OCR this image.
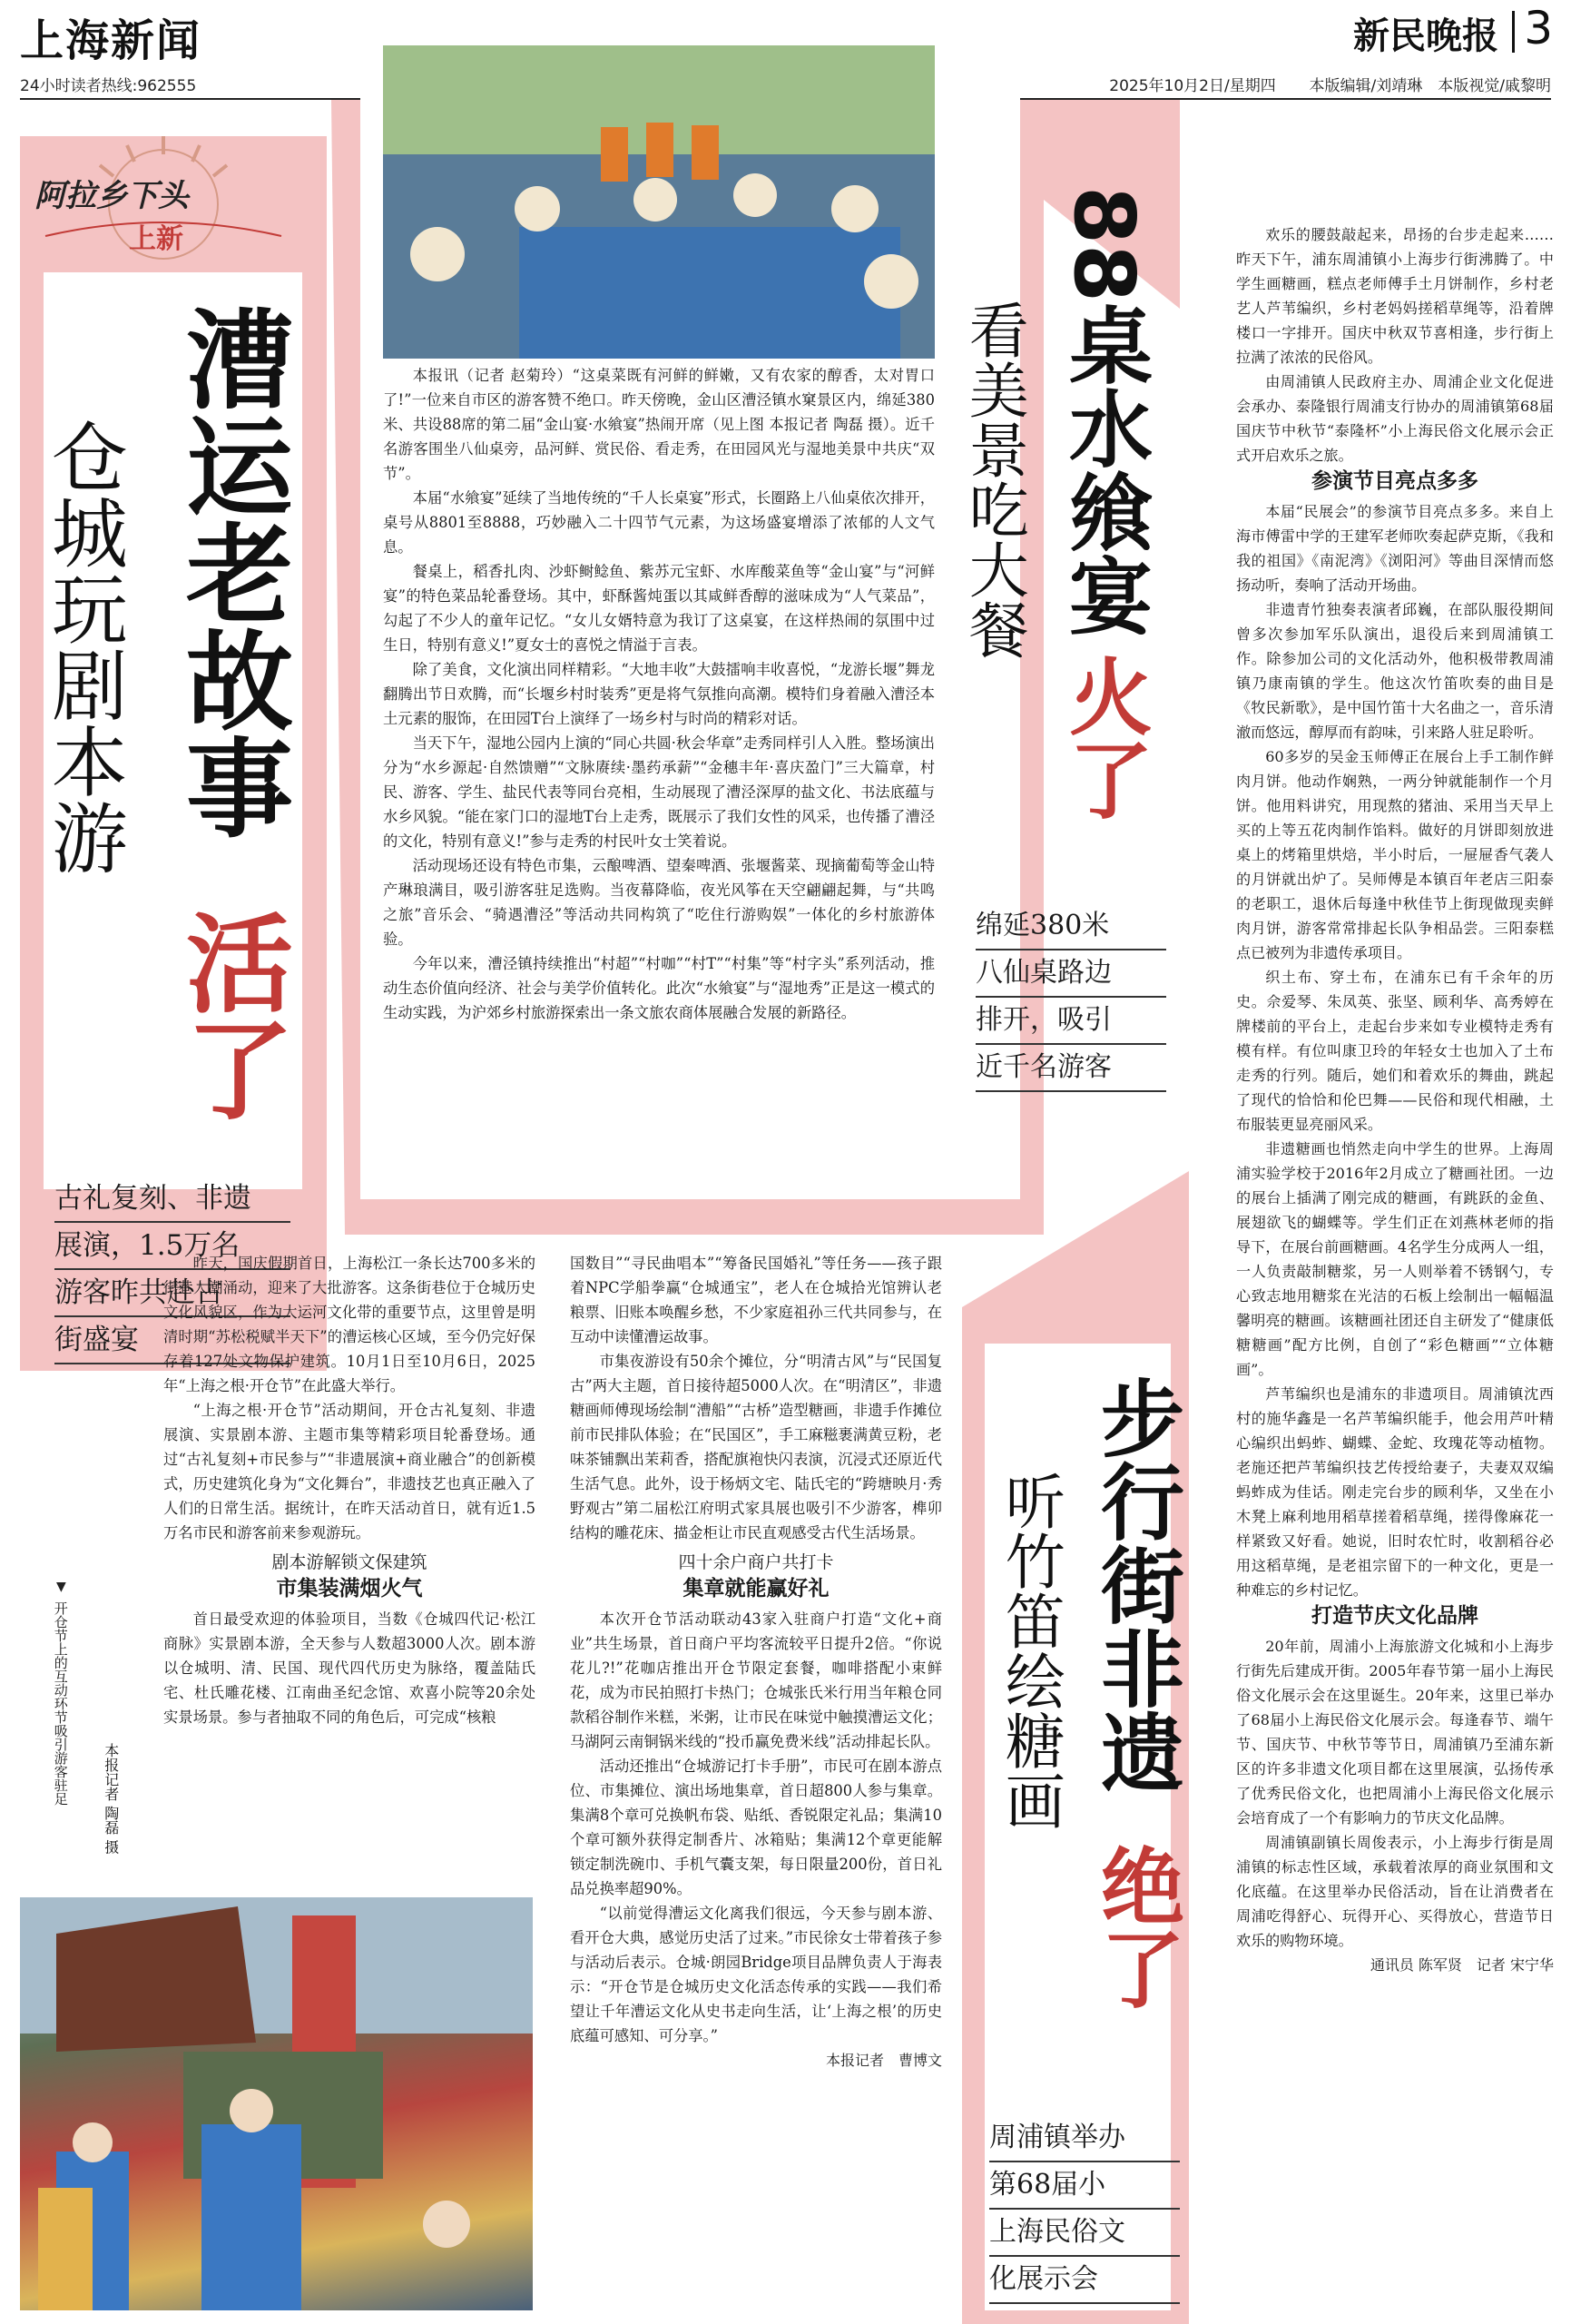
上海新闻
24小时读者热线:962555
新民晚报 3
2025年10月2日/星期四 本版编辑/刘靖琳　本版视觉/戚黎明
阿拉乡下头
上新
仓城玩剧本游 漕运老故事
活了
古礼复刻、非遗
展演，1.5万名
游客昨共赴古
街盛宴

本报讯（记者 赵菊玲）“这桌菜既有河鲜的鲜嫩，又有农家的醇香，太对胃口了!”一位来自市区的游客赞不绝口。昨天傍晚，金山区漕泾镇水窠景区内，绵延380米、共设88席的第二届“金山宴·水飨宴”热闹开席（见上图 本报记者 陶磊 摄）。近千名游客围坐八仙桌旁，品河鲜、赏民俗、看走秀，在田园风光与湿地美景中共庆“双节”。

本届“水飨宴”延续了当地传统的“千人长桌宴”形式，长圈路上八仙桌依次排开，桌号从8801至8888，巧妙融入二十四节气元素，为这场盛宴增添了浓郁的人文气息。

餐桌上，稻香扎肉、沙虾鲥鲶鱼、紫苏元宝虾、水库酸菜鱼等“金山宴”与“河鲜宴”的特色菜品轮番登场。其中，虾酥酱炖蛋以其咸鲜香醇的滋味成为“人气菜品”，勾起了不少人的童年记忆。“女儿女婿特意为我订了这桌宴，在这样热闹的氛围中过生日，特别有意义!”夏女士的喜悦之情溢于言表。

除了美食，文化演出同样精彩。“大地丰收”大鼓擂响丰收喜悦，“龙游长堰”舞龙翻腾出节日欢腾，而“长堰乡村时装秀”更是将气氛推向高潮。模特们身着融入漕泾本土元素的服饰，在田园T台上演绎了一场乡村与时尚的精彩对话。

当天下午，湿地公园内上演的“同心共圆·秋会华章”走秀同样引人入胜。整场演出分为“水乡源起·自然馈赠”“文脉赓续·墨药承薪”“金穗丰年·喜庆盈门”三大篇章，村民、游客、学生、盐民代表等同台亮相，生动展现了漕泾深厚的盐文化、书法底蕴与水乡风貌。“能在家门口的湿地T台上走秀，既展示了我们女性的风采，也传播了漕泾的文化，特别有意义!”参与走秀的村民叶女士笑着说。

活动现场还设有特色市集，云酿啤酒、望秦啤酒、张堰酱菜、现摘葡萄等金山特产琳琅满目，吸引游客驻足选购。当夜幕降临，夜光风筝在天空翩翩起舞，与“共鸣之旅”音乐会、“骑遇漕泾”等活动共同构筑了“吃住行游购娱”一体化的乡村旅游体验。

今年以来，漕泾镇持续推出“村超”“村咖”“村T”“村集”等“村字头”系列活动，推动生态价值向经济、社会与美学价值转化。此次“水飨宴”与“湿地秀”正是这一模式的生动实践，为沪郊乡村旅游探索出一条文旅农商体展融合发展的新路径。

看美景吃大餐 88桌水飨宴
火了
绵延380米
八仙桌路边
排开，吸引
近千名游客

欢乐的腰鼓敲起来，昂扬的台步走起来……昨天下午，浦东周浦镇小上海步行街沸腾了。中学生画糖画，糕点老师傅手土月饼制作，乡村老艺人芦苇编织，乡村老妈妈搓稻草绳等，沿着牌楼口一字排开。国庆中秋双节喜相逢，步行街上拉满了浓浓的民俗风。

由周浦镇人民政府主办、周浦企业文化促进会承办、泰隆银行周浦支行协办的周浦镇第68届国庆节中秋节“泰隆杯”小上海民俗文化展示会正式开启欢乐之旅。

参演节目亮点多多

本届“民展会”的参演节目亮点多多。来自上海市傅雷中学的王建军老师吹奏起萨克斯，《我和我的祖国》《南泥湾》《浏阳河》等曲目深情而悠扬动听，奏响了活动开场曲。

非遗青竹独奏表演者邱巍，在部队服役期间曾多次参加军乐队演出，退役后来到周浦镇工作。除参加公司的文化活动外，他积极带教周浦镇乃康南镇的学生。他这次竹笛吹奏的曲目是《牧民新歌》，是中国竹笛十大名曲之一，音乐清澈而悠远，醇厚而有韵味，引来路人驻足聆听。

60多岁的吴金玉师傅正在展台上手工制作鲜肉月饼。他动作娴熟，一两分钟就能制作一个月饼。他用料讲究，用现熬的猪油、采用当天早上买的上等五花肉制作馅料。做好的月饼即刻放进桌上的烤箱里烘焙，半小时后，一屉屉香气袭人的月饼就出炉了。吴师傅是本镇百年老店三阳泰的老职工，退休后每逢中秋佳节上街现做现卖鲜肉月饼，游客常常排起长队争相品尝。三阳泰糕点已被列为非遗传承项目。

织土布、穿土布，在浦东已有千余年的历史。佘爱琴、朱凤英、张坚、顾利华、高秀婷在牌楼前的平台上，走起台步来如专业模特走秀有模有样。有位叫康卫玲的年轻女士也加入了土布走秀的行列。随后，她们和着欢乐的舞曲，跳起了现代的恰恰和伦巴舞——民俗和现代相融，土布服装更显亮丽风采。

非遗糖画也悄然走向中学生的世界。上海周浦实验学校于2016年2月成立了糖画社团。一边的展台上插满了刚完成的糖画，有跳跃的金鱼、展翅欲飞的蝴蝶等。学生们正在刘燕林老师的指导下，在展台前画糖画。4名学生分成两人一组，一人负责敲制糖浆，另一人则举着不锈钢勺，专心致志地用糖浆在光洁的石板上绘制出一幅幅温馨明亮的糖画。该糖画社团还自主研发了“健康低糖糖画”配方比例，自创了“彩色糖画”“立体糖画”。

芦苇编织也是浦东的非遗项目。周浦镇沈西村的施华鑫是一名芦苇编织能手，他会用芦叶精心编织出蚂蚱、蝴蝶、金蛇、玫瑰花等动植物。老施还把芦苇编织技艺传授给妻子，夫妻双双编蚂蚱成为佳话。刚走完台步的顾利华，又坐在小木凳上麻利地用稻草搓着稻草绳，搓得像麻花一样紧致又好看。她说，旧时农忙时，收割稻谷必用这稻草绳，是老祖宗留下的一种文化，更是一种难忘的乡村记忆。

打造节庆文化品牌

20年前，周浦小上海旅游文化城和小上海步行街先后建成开街。2005年春节第一届小上海民俗文化展示会在这里诞生。20年来，这里已举办了68届小上海民俗文化展示会。每逢春节、端午节、国庆节、中秋节等节日，周浦镇乃至浦东新区的许多非遗文化项目都在这里展演，弘扬传承了优秀民俗文化，也把周浦小上海民俗文化展示会培育成了一个有影响力的节庆文化品牌。

周浦镇副镇长周俊表示，小上海步行街是周浦镇的标志性区域，承载着浓厚的商业氛围和文化底蕴。在这里举办民俗活动，旨在让消费者在周浦吃得舒心、玩得开心、买得放心，营造节日欢乐的购物环境。

通讯员 陈军贤　记者 宋宁华
听竹笛绘糖画 步行街非遗
绝了
周浦镇举办
第68届小
上海民俗文
化展示会

昨天，国庆假期首日，上海松江一条长达700多米的街巷人潮涌动，迎来了大批游客。这条街巷位于仓城历史文化风貌区，作为大运河文化带的重要节点，这里曾是明清时期“苏松税赋半天下”的漕运核心区域，至今仍完好保存着127处文物保护建筑。10月1日至10月6日，2025年“上海之根·开仓节”在此盛大举行。

“上海之根·开仓节”活动期间，开仓古礼复刻、非遗展演、实景剧本游、主题市集等精彩项目轮番登场。通过“古礼复刻+市民参与”“非遗展演+商业融合”的创新模式，历史建筑化身为“文化舞台”，非遗技艺也真正融入了人们的日常生活。据统计，在昨天活动首日，就有近1.5万名市民和游客前来参观游玩。

剧本游解锁文保建筑
市集装满烟火气

首日最受欢迎的体验项目，当数《仓城四代记·松江商脉》实景剧本游，全天参与人数超3000人次。剧本游以仓城明、清、民国、现代四代历史为脉络，覆盖陆氏宅、杜氏雕花楼、江南曲圣纪念馆、欢喜小院等20余处实景场景。参与者抽取不同的角色后，可完成“核粮

国数目”“寻民曲唱本”“筹备民国婚礼”等任务——孩子跟着NPC学船拳赢“仓城通宝”，老人在仓城拾光馆辨认老粮票、旧账本唤醒乡愁，不少家庭祖孙三代共同参与，在互动中读懂漕运故事。

市集夜游设有50余个摊位，分“明清古风”与“民国复古”两大主题，首日接待超5000人次。在“明清区”，非遗糖画师傅现场绘制“漕船”“古桥”造型糖画，非遗手作摊位前市民排队体验；在“民国区”，手工麻糍裹满黄豆粉，老味茶铺飘出茉莉香，搭配旗袍快闪表演，沉浸式还原近代生活气息。此外，设于杨炳文宅、陆氏宅的“跨塘映月·秀野观古”第二届松江府明式家具展也吸引不少游客，榫卯结构的雕花床、描金柜让市民直观感受古代生活场景。

四十余户商户共打卡
集章就能赢好礼

本次开仓节活动联动43家入驻商户打造“文化+商业”共生场景，首日商户平均客流较平日提升2倍。“你说花儿?!”花咖店推出开仓节限定套餐，咖啡搭配小束鲜花，成为市民拍照打卡热门；仓城张氏米行用当年粮仓同款稻谷制作米糕，米粥，让市民在味觉中触摸漕运文化；马湖阿云南铜锅米线的“投币赢免费米线”活动排起长队。

活动还推出“仓城游记打卡手册”，市民可在剧本游点位、市集摊位、演出场地集章，首日超800人参与集章。集满8个章可兑换帆布袋、贴纸、香锐限定礼品；集满10个章可额外获得定制香片、冰箱贴；集满12个章更能解锁定制洗碗巾、手机气囊支架，每日限量200份，首日礼品兑换率超90%。

“以前觉得漕运文化离我们很远，今天参与剧本游、看开仓大典，感觉历史活了过来。”市民徐女士带着孩子参与活动后表示。仓城·朗园Bridge项目品牌负责人于海表示：“开仓节是仓城历史文化活态传承的实践——我们希望让千年漕运文化从史书走向生活，让‘上海之根’的历史底蕴可感知、可分享。”

本报记者　曹博文
▼
开仓节上的互动环节吸引游客驻足 本报记者 陶磊 摄
